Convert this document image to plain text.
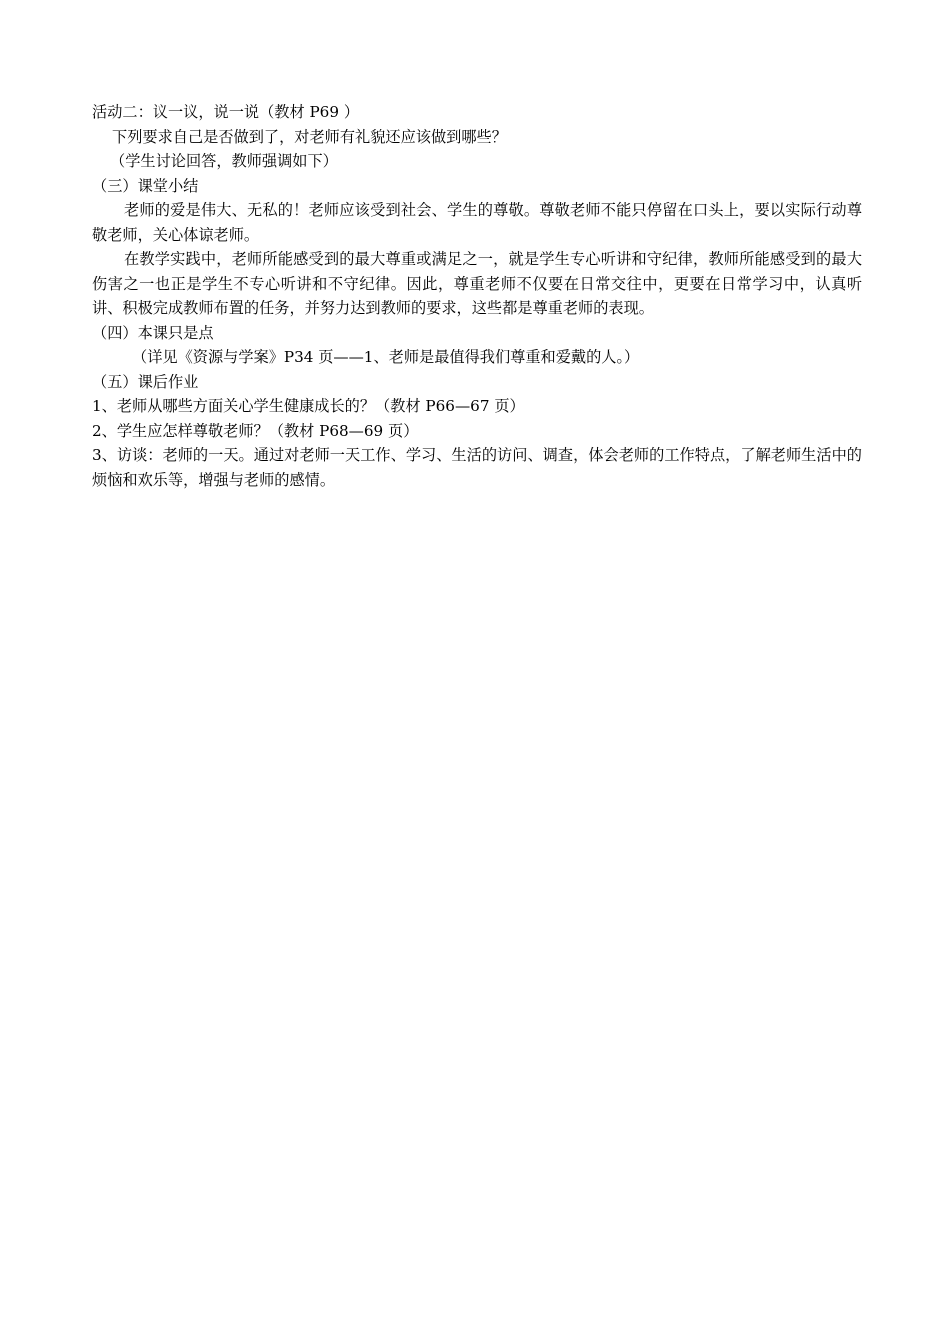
活动二：议一议，说一说（教材 P69 ）

下列要求自己是否做到了，对老师有礼貌还应该做到哪些？

（学生讨论回答，教师强调如下）

（三）课堂小结

老师的爱是伟大、无私的！老师应该受到社会、学生的尊敬。尊敬老师不能只停留在口头上，要以实际行动尊敬老师，关心体谅老师。

在教学实践中，老师所能感受到的最大尊重或满足之一，就是学生专心听讲和守纪律，教师所能感受到的最大伤害之一也正是学生不专心听讲和不守纪律。因此，尊重老师不仅要在日常交往中，更要在日常学习中，认真听讲、积极完成教师布置的任务，并努力达到教师的要求，这些都是尊重老师的表现。

（四）本课只是点

（详见《资源与学案》P34 页——1、老师是最值得我们尊重和爱戴的人。）

（五）课后作业

1、老师从哪些方面关心学生健康成长的？（教材 P66—67 页）

2、学生应怎样尊敬老师？（教材 P68—69 页）

3、访谈：老师的一天。通过对老师一天工作、学习、生活的访问、调查，体会老师的工作特点，了解老师生活中的烦恼和欢乐等，增强与老师的感情。
